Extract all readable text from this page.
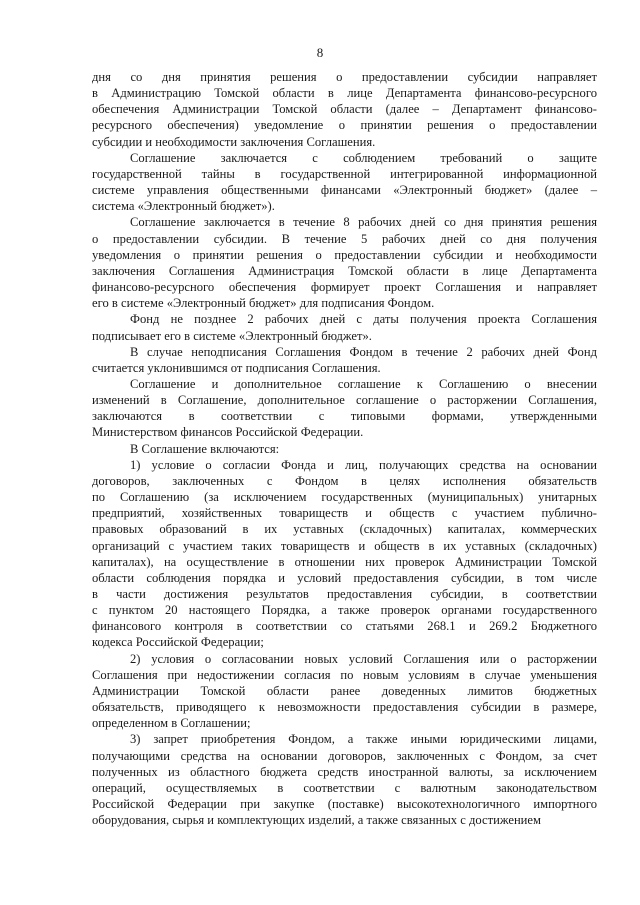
8
дня со дня принятия решения о предоставлении субсидии направляет
в Администрацию Томской области в лице Департамента финансово-ресурсного
обеспечения Администрации Томской области (далее – Департамент финансово-
ресурсного обеспечения) уведомление о принятии решения о предоставлении
субсидии и необходимости заключения Соглашения.
Соглашение заключается с соблюдением требований о защите
государственной тайны в государственной интегрированной информационной
системе управления общественными финансами «Электронный бюджет» (далее –
система «Электронный бюджет»).
Соглашение заключается в течение 8 рабочих дней со дня принятия решения
о предоставлении субсидии. В течение 5 рабочих дней со дня получения
уведомления о принятии решения о предоставлении субсидии и необходимости
заключения Соглашения Администрация Томской области в лице Департамента
финансово-ресурсного обеспечения формирует проект Соглашения и направляет
его в системе «Электронный бюджет» для подписания Фондом.
Фонд не позднее 2 рабочих дней с даты получения проекта Соглашения
подписывает его в системе «Электронный бюджет».
В случае неподписания Соглашения Фондом в течение 2 рабочих дней Фонд
считается уклонившимся от подписания Соглашения.
Соглашение и дополнительное соглашение к Соглашению о внесении
изменений в Соглашение, дополнительное соглашение о расторжении Соглашения,
заключаются в соответствии с типовыми формами, утвержденными
Министерством финансов Российской Федерации.
В Соглашение включаются:
1) условие о согласии Фонда и лиц, получающих средства на основании
договоров, заключенных с Фондом в целях исполнения обязательств
по Соглашению (за исключением государственных (муниципальных) унитарных
предприятий, хозяйственных товариществ и обществ с участием публично-
правовых образований в их уставных (складочных) капиталах, коммерческих
организаций с участием таких товариществ и обществ в их уставных (складочных)
капиталах), на осуществление в отношении них проверок Администрации Томской
области соблюдения порядка и условий предоставления субсидии, в том числе
в части достижения результатов предоставления субсидии, в соответствии
с пунктом 20 настоящего Порядка, а также проверок органами государственного
финансового контроля в соответствии со статьями 268.1 и 269.2 Бюджетного
кодекса Российской Федерации;
2) условия о согласовании новых условий Соглашения или о расторжении
Соглашения при недостижении согласия по новым условиям в случае уменьшения
Администрации Томской области ранее доведенных лимитов бюджетных
обязательств, приводящего к невозможности предоставления субсидии в размере,
определенном в Соглашении;
3) запрет приобретения Фондом, а также иными юридическими лицами,
получающими средства на основании договоров, заключенных с Фондом, за счет
полученных из областного бюджета средств иностранной валюты, за исключением
операций, осуществляемых в соответствии с валютным законодательством
Российской Федерации при закупке (поставке) высокотехнологичного импортного
оборудования, сырья и комплектующих изделий, а также связанных с достижением
